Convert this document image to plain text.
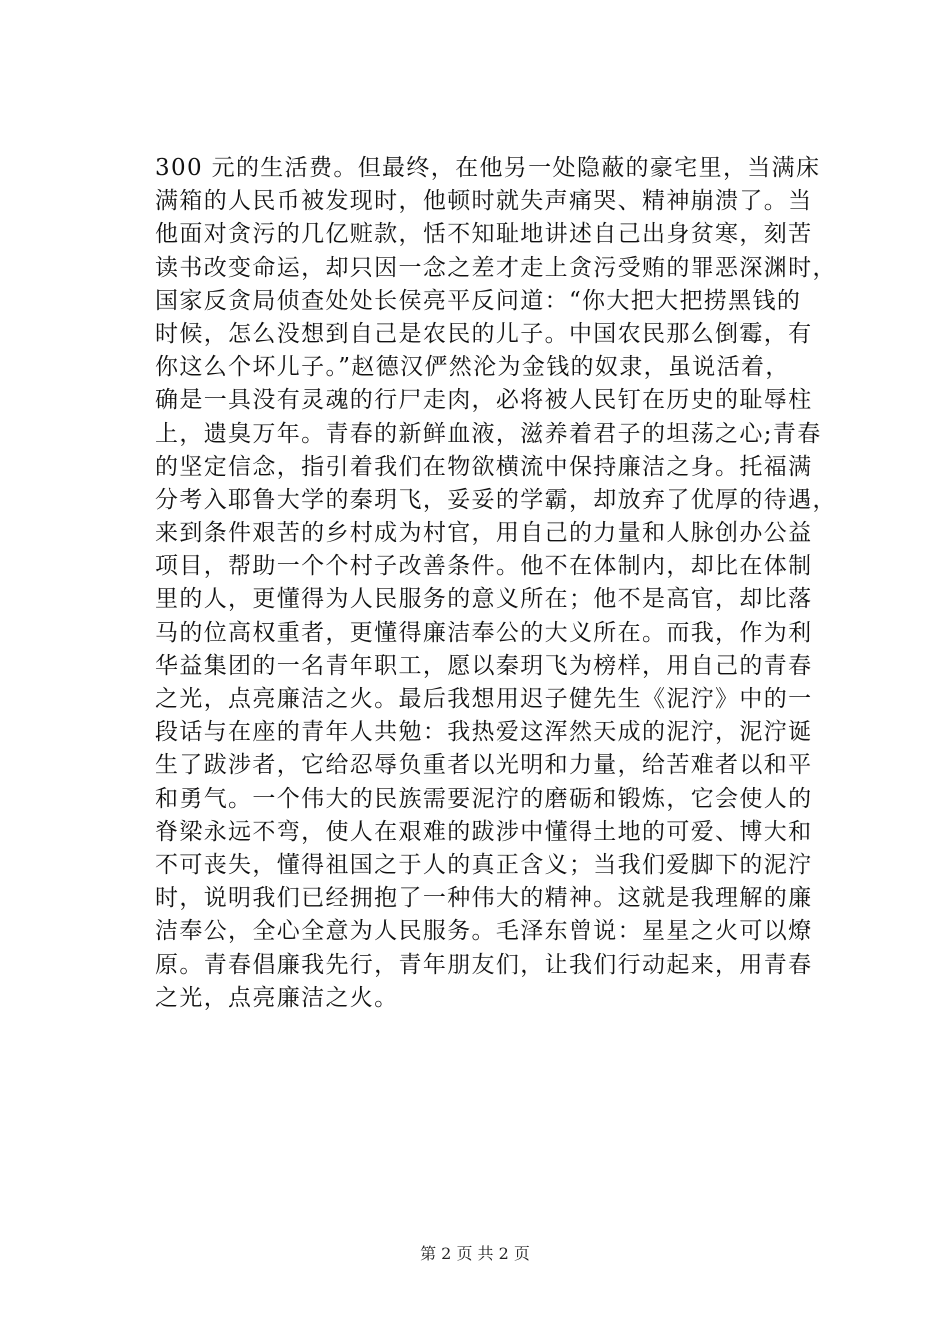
300 元的生活费。但最终，在他另一处隐蔽的豪宅里，当满床
满箱的人民币被发现时，他顿时就失声痛哭、精神崩溃了。当
他面对贪污的几亿赃款，恬不知耻地讲述自己出身贫寒，刻苦
读书改变命运，却只因一念之差才走上贪污受贿的罪恶深渊时，
国家反贪局侦查处处长侯亮平反问道：“你大把大把捞黑钱的
时候，怎么没想到自己是农民的儿子。中国农民那么倒霉，有
你这么个坏儿子。”赵德汉俨然沦为金钱的奴隶，虽说活着，
确是一具没有灵魂的行尸走肉，必将被人民钉在历史的耻辱柱
上，遗臭万年。青春的新鲜血液，滋养着君子的坦荡之心;青春
的坚定信念，指引着我们在物欲横流中保持廉洁之身。托福满
分考入耶鲁大学的秦玥飞，妥妥的学霸，却放弃了优厚的待遇，
来到条件艰苦的乡村成为村官，用自己的力量和人脉创办公益
项目，帮助一个个村子改善条件。他不在体制内，却比在体制
里的人，更懂得为人民服务的意义所在；他不是高官，却比落
马的位高权重者，更懂得廉洁奉公的大义所在。而我，作为利
华益集团的一名青年职工，愿以秦玥飞为榜样，用自己的青春
之光，点亮廉洁之火。最后我想用迟子健先生《泥泞》中的一
段话与在座的青年人共勉：我热爱这浑然天成的泥泞，泥泞诞
生了跋涉者，它给忍辱负重者以光明和力量，给苦难者以和平
和勇气。一个伟大的民族需要泥泞的磨砺和锻炼，它会使人的
脊梁永远不弯，使人在艰难的跋涉中懂得土地的可爱、博大和
不可丧失，懂得祖国之于人的真正含义；当我们爱脚下的泥泞
时，说明我们已经拥抱了一种伟大的精神。这就是我理解的廉
洁奉公，全心全意为人民服务。毛泽东曾说：星星之火可以燎
原。青春倡廉我先行，青年朋友们，让我们行动起来，用青春
之光，点亮廉洁之火。
第 2 页 共 2 页
